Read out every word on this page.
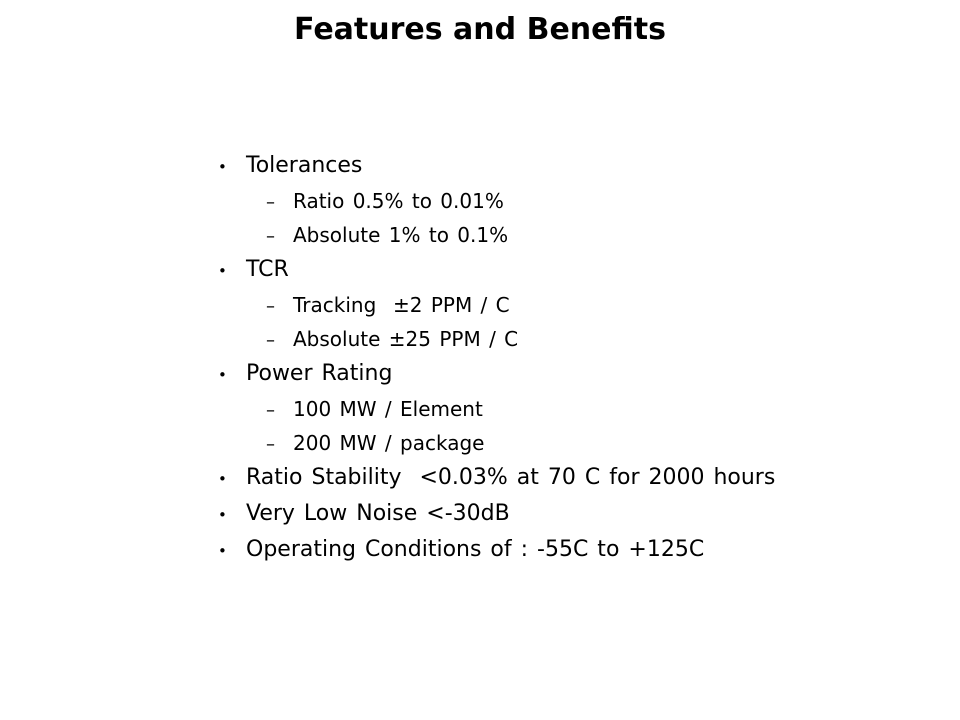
Features and Benefits
• Tolerances
– Ratio 0.5% to 0.01%
– Absolute 1% to 0.1%
• TCR
– Tracking  ±2 PPM / C
– Absolute ±25 PPM / C
• Power Rating
– 100 MW / Element
– 200 MW / package
• Ratio Stability  <0.03% at 70 C for 2000 hours
• Very Low Noise <-30dB
• Operating Conditions of : -55C to +125C
